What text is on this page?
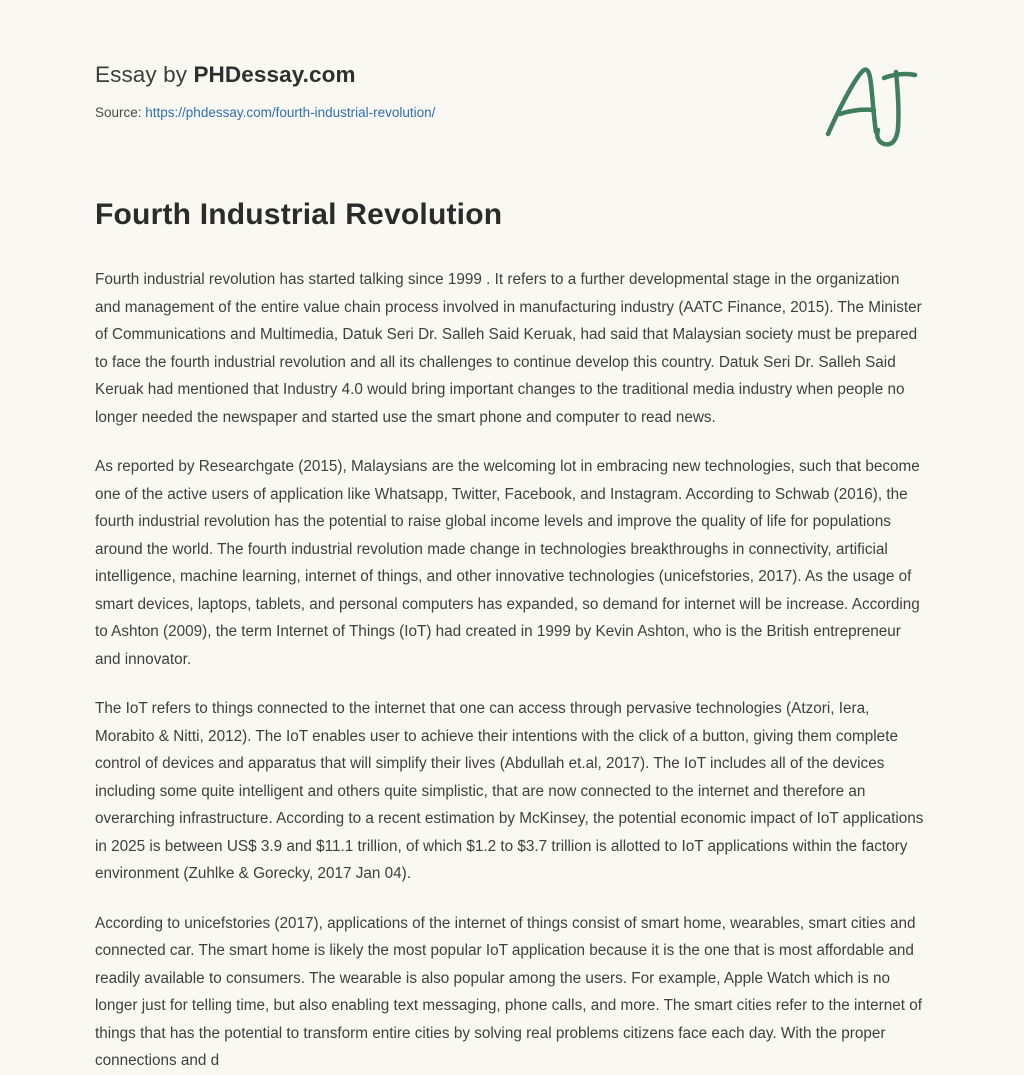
Essay by PHDessay.com
Source: https://phdessay.com/fourth-industrial-revolution/
Fourth Industrial Revolution

Fourth industrial revolution has started talking since 1999 . It refers to a further developmental stage in the organization and management of the entire value chain process involved in manufacturing industry (AATC Finance, 2015). The Minister of Communications and Multimedia, Datuk Seri Dr. Salleh Said Keruak, had said that Malaysian society must be prepared to face the fourth industrial revolution and all its challenges to continue develop this country. Datuk Seri Dr. Salleh Said Keruak had mentioned that Industry 4.0 would bring important changes to the traditional media industry when people no longer needed the newspaper and started use the smart phone and computer to read news.

As reported by Researchgate (2015), Malaysians are the welcoming lot in embracing new technologies, such that become one of the active users of application like Whatsapp, Twitter, Facebook, and Instagram. According to Schwab (2016), the fourth industrial revolution has the potential to raise global income levels and improve the quality of life for populations around the world. The fourth industrial revolution made change in technologies breakthroughs in connectivity, artificial intelligence, machine learning, internet of things, and other innovative technologies (unicefstories, 2017). As the usage of smart devices, laptops, tablets, and personal computers has expanded, so demand for internet will be increase. According to Ashton (2009), the term Internet of Things (IoT) had created in 1999 by Kevin Ashton, who is the British entrepreneur and innovator.

The IoT refers to things connected to the internet that one can access through pervasive technologies (Atzori, Iera, Morabito & Nitti, 2012). The IoT enables user to achieve their intentions with the click of a button, giving them complete control of devices and apparatus that will simplify their lives (Abdullah et.al, 2017). The IoT includes all of the devices including some quite intelligent and others quite simplistic, that are now connected to the internet and therefore an overarching infrastructure. According to a recent estimation by McKinsey, the potential economic impact of IoT applications in 2025 is between US$ 3.9 and $11.1 trillion, of which $1.2 to $3.7 trillion is allotted to IoT applications within the factory environment (Zuhlke & Gorecky, 2017 Jan 04).

According to unicefstories (2017), applications of the internet of things consist of smart home, wearables, smart cities and connected car. The smart home is likely the most popular IoT application because it is the one that is most affordable and readily available to consumers. The wearable is also popular among the users. For example, Apple Watch which is no longer just for telling time, but also enabling text messaging, phone calls, and more. The smart cities refer to the internet of things that has the potential to transform entire cities by solving real problems citizens face each day. With the proper connections and d
